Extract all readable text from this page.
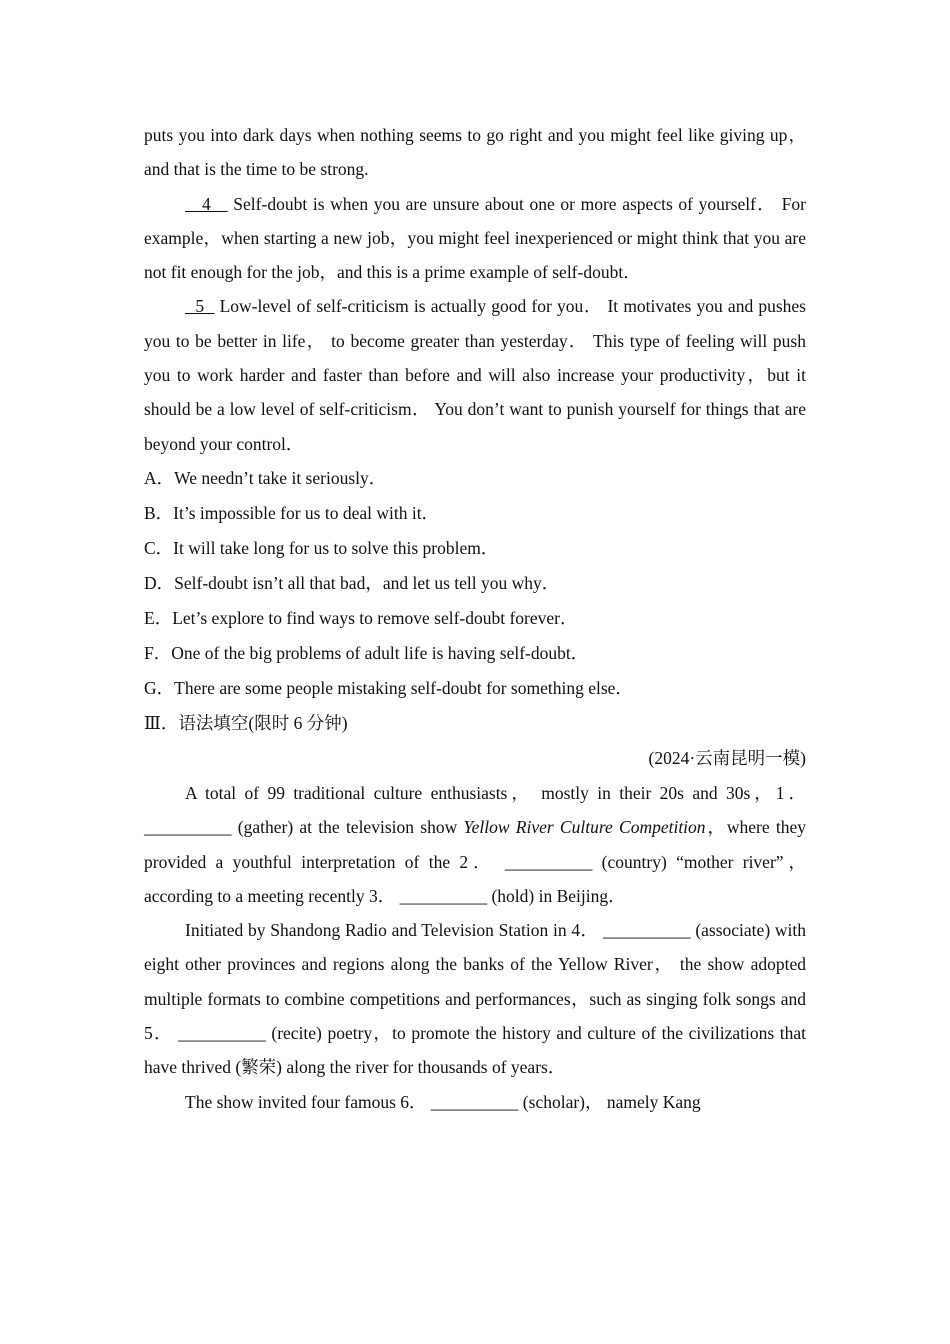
puts you into dark days when nothing seems to go right and you might feel like giving up，and that is the time to be strong.

4    Self-doubt is when you are unsure about one or more aspects of yourself． For example，when starting a new job，you might feel inexperienced or might think that you are not fit enough for the job，and this is a prime example of self-doubt．

5   Low-level of self-criticism is actually good for you． It motivates you and pushes you to be better in life， to become greater than yesterday． This type of feeling will push you to work harder and faster than before and will also increase your productivity，but it should be a low level of self-criticism． You don’t want to punish yourself for things that are beyond your control．

A．We needn’t take it seriously．

B．It’s impossible for us to deal with it．

C．It will take long for us to solve this problem．

D．Self-doubt isn’t all that bad，and let us tell you why．

E．Let’s explore to find ways to remove self-doubt forever．

F．One of the big problems of adult life is having self-doubt．

G．There are some people mistaking self-doubt for something else．

Ⅲ．语法填空(限时 6 分钟)

(2024·云南昆明一模)

A total of 99 traditional culture enthusiasts， mostly in their 20s and 30s，1． __________ (gather) at the television show Yellow River Culture Competition，where they provided a youthful interpretation of the 2． __________ (country) “mother river”，according to a meeting recently 3． __________ (hold) in Beijing．

Initiated by Shandong Radio and Television Station in 4． __________ (associate) with eight other provinces and regions along the banks of the Yellow River， the show adopted multiple formats to combine competitions and performances，such as singing folk songs and 5． __________ (recite) poetry，to promote the history and culture of the civilizations that have thrived (繁荣) along the river for thousands of years．

The show invited four famous 6． __________ (scholar)， namely Kang
